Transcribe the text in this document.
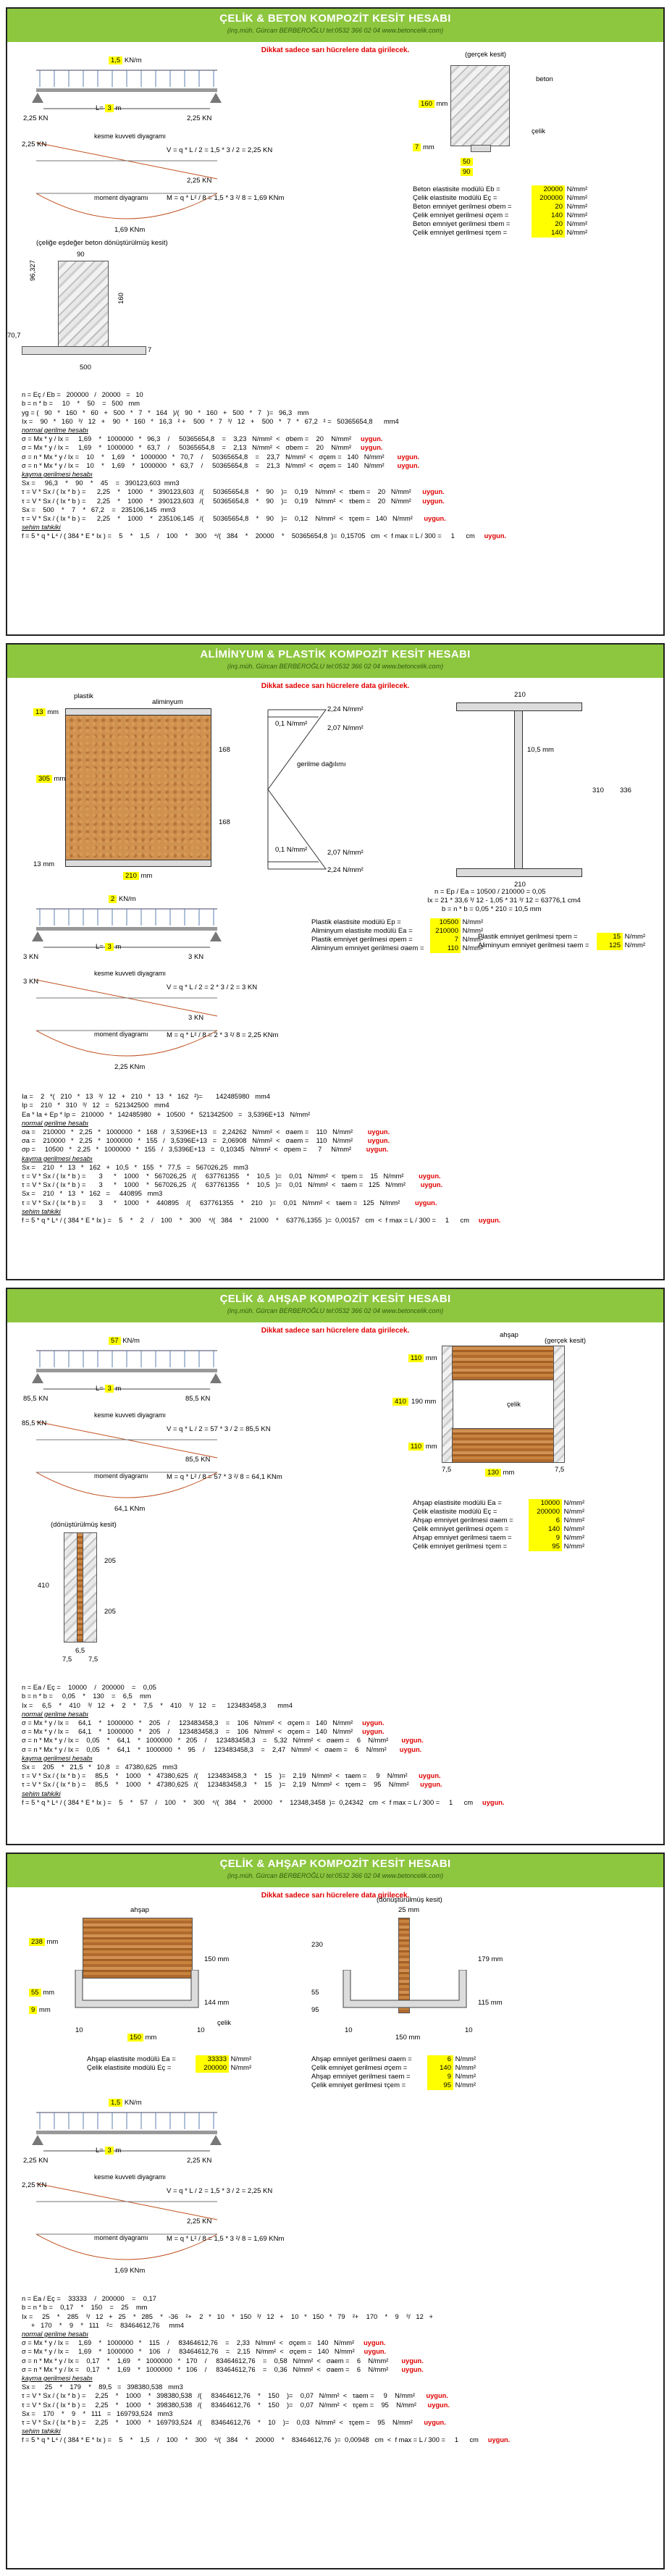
ÇELİK & BETON KOMPOZİT KESİT HESABI
(inş.müh. Gürcan BERBEROĞLU tel:0532 366 02 04 www.betoncelik.com)
Dikkat sadece sarı hücrelere data girilecek.
1,5 KN/m
L= 3 m
2,25 KN	2,25 KN
kesme kuvveti diyagramı
2,25 KN
2,25 KN
V = q * L / 2 = 1,5 * 3 / 2 = 2,25 KN
moment diyagramı
1,69 KNm
M = q * L² / 8 = 1,5 * 3 ²/ 8 = 1,69 KNm
(gerçek kesit)
beton
çelik
160 mm
50
90
7 mm
Beton elastisite modülü Eb =	20000 N/mm²
Çelik elastisite modülü Eç =	200000 N/mm²
Beton emniyet gerilmesi σbem =	20 N/mm²
Çelik emniyet gerilmesi σçem =	140 N/mm²
Beton emniyet gerilmesi τbem =	20 N/mm²
Çelik emniyet gerilmesi τçem =	140 N/mm²
(çeliğe eşdeğer beton dönüştürülmüş kesit)
90
96,327
160
70,7
500
7

n = Eç / Eb =   200000   /   20000   =   10
b = n * b =     10    *    50    =   500   mm
yg = (   90   *   160   *   60   +   500   *   7   *   164   )/(   90   *   160   +   500   *   7   )=   96,3   mm
Ix =    90   *   160   ³/   12   +    90   *   160   *   16,3   ² +    500   *   7   ³/   12   +    500   *   7   *   67,2   ² =   50365654,8      mm4
normal gerilme hesabı
σ = Mx * y / Ix =     1,69    *   1000000   *   96,3    /     50365654,8    =    3,23   N/mm²  <   σbem =    20    N/mm²     uygun.
σ = Mx * y / Ix =     1,69    *   1000000   *   63,7    /     50365654,8    =    2,13   N/mm²  <   σbem =    20    N/mm²     uygun.
σ = n * Mx * y / Ix =    10    *    1,69    *   1000000   *   70,7    /     50365654,8    =    23,7   N/mm²  <   σçem =   140   N/mm²       uygun.
σ = n * Mx * y / Ix =    10    *    1,69    *   1000000   *   63,7    /     50365654,8    =    21,3   N/mm²  <   σçem =   140   N/mm²       uygun.
kayma gerilmesi hesabı
Sx =     96,3    *    90    *    45    =   390123,603  mm3
τ = V * Sx / ( Ix * b ) =      2,25    *    1000    *   390123,603   /(     50365654,8    *    90    )=    0,19    N/mm²  <   τbem =    20   N/mm²      uygun.
τ = V * Sx / ( Ix * b ) =      2,25    *    1000    *   390123,603   /(     50365654,8    *    90    )=    0,19    N/mm²  <   τbem =    20   N/mm²      uygun.
Sx =    500    *    7    *   67,2    =   235106,145  mm3
τ = V * Sx / ( Ix * b ) =      2,25    *    1000    *   235106,145   /(     50365654,8    *    90    )=    0,12    N/mm²  <   τçem =   140   N/mm²      uygun.
sehim tahkiki
f = 5 * q * L⁴ / ( 384 * E * Ix ) =    5    *    1,5    /    100    *    300    ⁴/(   384    *    20000    *    50365654,8  )=  0,15705   cm  <  f max = L / 300 =     1      cm     uygun.

ALİMİNYUM & PLASTİK KOMPOZİT KESİT HESABI
(inş.müh. Gürcan BERBEROĞLU tel:0532 366 02 04 www.betoncelik.com)
Dikkat sadece sarı hücrelere data girilecek.
plastik
aliminyum
13 mm
305 mm
168
168
13 mm
210 mm
2,24 N/mm²
0,1 N/mm²
2,07 N/mm²
gerilme dağılımı
0,1 N/mm²	2,07 N/mm²
2,24 N/mm²
210
10,5 mm
310 336
210
Ix = 21 * 33,6 ³/ 12 - 1,05 * 31 ³/ 12 = 63776,1 cm4
n = Ep / Ea = 10500 / 210000 = 0,05
b = n * b = 0,05 * 210 = 10,5 mm
Plastik elastisite modülü Ep =	10500 N/mm²
Aliminyum elastisite modülü Ea =	210000 N/mm²
Plastik emniyet gerilmesi σpem =	7 N/mm²
Aliminyum emniyet gerilmesi σaem =	110 N/mm²
Plastik emniyet gerilmesi τpem =	15 N/mm²
Aliminyum emniyet gerilmesi τaem =	125 N/mm²
2 KN/m
L= 3 m
3 KN	3 KN
kesme kuvveti diyagramı
3 KN
3 KN
V = q * L / 2 = 2 * 3 / 2 = 3 KN
moment diyagramı
2,25 KNm
M = q * L² / 8 = 2 * 3 ²/ 8 = 2,25 KNm

Ia =    2   *(   210   *   13   ³/   12   +   210   *   13   *   162   ²)=       142485980   mm4
Ip =    210   *   310   ³/   12   =   521342500   mm4
Ea * Ia + Ep * Ip =   210000   *   142485980   +   10500   *   521342500   =   3,5396E+13   N/mm²
normal gerilme hesabı
σa =    210000   *   2,25   *   1000000   *   168   /   3,5396E+13   =   2,24262   N/mm²  <   σaem =    110   N/mm²        uygun.
σa =    210000   *   2,25   *   1000000   *   155   /   3,5396E+13   =   2,06908   N/mm²  <   σaem =    110   N/mm²        uygun.
σp =     10500   *   2,25   *   1000000   *   155   /   3,5396E+13   =   0,10345   N/mm²  <   σpem =      7     N/mm²        uygun.
kayma gerilmesi hesabı
Sx =    210   *   13   *   162   +   10,5   *   155   *   77,5   =   567026,25   mm3
τ = V * Sx / ( Ix * b ) =       3      *    1000    *   567026,25   /(     637761355    *    10,5   )=    0,01   N/mm²  <   τpem =    15   N/mm²        uygun.
τ = V * Sx / ( Ix * b ) =       3      *    1000    *   567026,25   /(     637761355    *    10,5   )=    0,01   N/mm²  <   τaem =   125   N/mm²        uygun.
Sx =    210   *   13   *   162   =     440895   mm3
τ = V * Sx / ( Ix * b ) =       3      *    1000    *    440895    /(     637761355    *    210    )=    0,01   N/mm²  <   τaem =   125   N/mm²        uygun.
sehim tahkiki
f = 5 * q * L⁴ / ( 384 * E * Ix ) =    5    *    2    /    100    *    300    ⁴/(   384    *    21000    *    63776,1355  )=  0,00157   cm  <  f max = L / 300 =     1      cm     uygun.

ÇELİK & AHŞAP KOMPOZİT KESİT HESABI
(inş.müh. Gürcan BERBEROĞLU tel:0532 366 02 04 www.betoncelik.com)
Dikkat sadece sarı hücrelere data girilecek.
57 KN/m
L= 3 m
85,5 KN	85,5 KN
kesme kuvveti diyagramı
85,5 KN
85,5 KN
V = q * L / 2 = 57 * 3 / 2 = 85,5 KN
moment diyagramı
64,1 KNm
M = q * L² / 8 = 57 * 3 ²/ 8 = 64,1 KNm
ahşap
(gerçek kesit)
çelik
110 mm
190 mm
410
110 mm
130 mm
7,5	7,5
Ahşap elastisite modülü Ea =	10000 N/mm²
Çelik elastisite modülü Eç =	200000 N/mm²
Ahşap emniyet gerilmesi σaem =	6 N/mm²
Çelik emniyet gerilmesi σçem =	140 N/mm²
Ahşap emniyet gerilmesi τaem =	9 N/mm²
Çelik emniyet gerilmesi τçem =	95 N/mm²
(dönüştürülmüş kesit)
410
205
205
6,5
7,5 7,5

n = Ea / Eç =    10000    /   200000    =    0,05
b = n * b =     0,05    *    130    =    6,5    mm
Ix =     6,5    *    410    ³/   12   +    2    *    7,5    *    410    ³/   12   =      123483458,3      mm4
normal gerilme hesabı
σ = Mx * y / Ix =     64,1    *   1000000   *    205    /     123483458,3    =    106   N/mm²  <   σçem =   140   N/mm²     uygun.
σ = Mx * y / Ix =     64,1    *   1000000   *    205    /     123483458,3    =    106   N/mm²  <   σçem =   140   N/mm²     uygun.
σ = n * Mx * y / Ix =    0,05    *    64,1    *   1000000   *   205    /     123483458,3    =    5,32   N/mm²  <   σaem =    6    N/mm²       uygun.
σ = n * Mx * y / Ix =    0,05    *    64,1    *   1000000   *    95    /     123483458,3    =    2,47   N/mm²  <   σaem =    6    N/mm²       uygun.
kayma gerilmesi hesabı
Sx =    205    *   21,5   *   10,8   =   47380,625   mm3
τ = V * Sx / ( Ix * b ) =     85,5    *    1000    *   47380,625   /(     123483458,3    *    15    )=    2,19   N/mm²  <   τaem =     9    N/mm²      uygun.
τ = V * Sx / ( Ix * b ) =     85,5    *    1000    *   47380,625   /(     123483458,3    *    15    )=    2,19   N/mm²  <   τçem =    95    N/mm²      uygun.
sehim tahkiki
f = 5 * q * L⁴ / ( 384 * E * Ix ) =    5    *    57    /    100    *    300    ⁴/(   384    *    20000    *    12348,3458  )=  0,24342   cm  <  f max = L / 300 =     1      cm     uygun.

ÇELİK & AHŞAP KOMPOZİT KESİT HESABI
(inş.müh. Gürcan BERBEROĞLU tel:0532 366 02 04 www.betoncelik.com)
Dikkat sadece sarı hücrelere data girilecek.
ahşap
238 mm
55 mm
9 mm
150 mm
144 mm
10
150 mm
10
çelik
(dönüştürülmüş kesit)
25 mm
230
55
179 mm
115 mm
95
10
150 mm
10
Ahşap elastisite modülü Ea =	33333 N/mm²
Çelik elastisite modülü Eç =	200000 N/mm²
Ahşap emniyet gerilmesi σaem =	6 N/mm²
Çelik emniyet gerilmesi σçem =	140 N/mm²
Ahşap emniyet gerilmesi τaem =	9 N/mm²
Çelik emniyet gerilmesi τçem =	95 N/mm²
1,5 KN/m
L= 3 m
2,25 KN	2,25 KN
kesme kuvveti diyagramı
2,25 KN
2,25 KN
V = q * L / 2 = 1,5 * 3 / 2 = 2,25 KN
moment diyagramı
1,69 KNm
M = q * L² / 8 = 1,5 * 3 ²/ 8 = 1,69 KNm

n = Ea / Eç =    33333    /   200000    =    0,17
b = n * b =    0,17    *    150    =    25    mm
Ix =     25    *    285    ³/   12   +   25    *   285    *   -36    ²+    2   *   10    *   150   ³/   12   +    10   *   150   *   79    ²+    170    *    9    ³/   12   +
+   170    *    9    *   111    ²=    83464612,76     mm4
normal gerilme hesabı
σ = Mx * y / Ix =     1,69    *   1000000   *    115    /     83464612,76    =    2,33   N/mm²  <   σçem =   140   N/mm²     uygun.
σ = Mx * y / Ix =     1,69    *   1000000   *    106    /     83464612,76    =    2,15   N/mm²  <   σçem =   140   N/mm²     uygun.
σ = n * Mx * y / Ix =    0,17    *    1,69    *   1000000   *   170    /     83464612,76    =    0,58   N/mm²  <   σaem =    6    N/mm²       uygun.
σ = n * Mx * y / Ix =    0,17    *    1,69    *   1000000   *   106    /     83464612,76    =    0,36   N/mm²  <   σaem =    6    N/mm²       uygun.
kayma gerilmesi hesabı
Sx =     25    *    179    *    89,5   =   398380,538   mm3
τ = V * Sx / ( Ix * b ) =     2,25    *    1000    *   398380,538   /(     83464612,76    *    150    )=    0,07   N/mm²  <   τaem =     9    N/mm²      uygun.
τ = V * Sx / ( Ix * b ) =     2,25    *    1000    *   398380,538   /(     83464612,76    *    150    )=    0,07   N/mm²  <   τçem =    95    N/mm²      uygun.
Sx =    170    *    9    *   111   =   169793,524   mm3
τ = V * Sx / ( Ix * b ) =     2,25    *    1000    *   169793,524   /(     83464612,76    *    10    )=    0,03   N/mm²  <   τçem =    95    N/mm²      uygun.
sehim tahkiki
f = 5 * q * L⁴ / ( 384 * E * Ix ) =    5    *    1,5    /    100    *    300    ⁴/(   384    *    20000    *    83464612,76  )=  0,00948   cm  <  f max = L / 300 =     1      cm     uygun.
